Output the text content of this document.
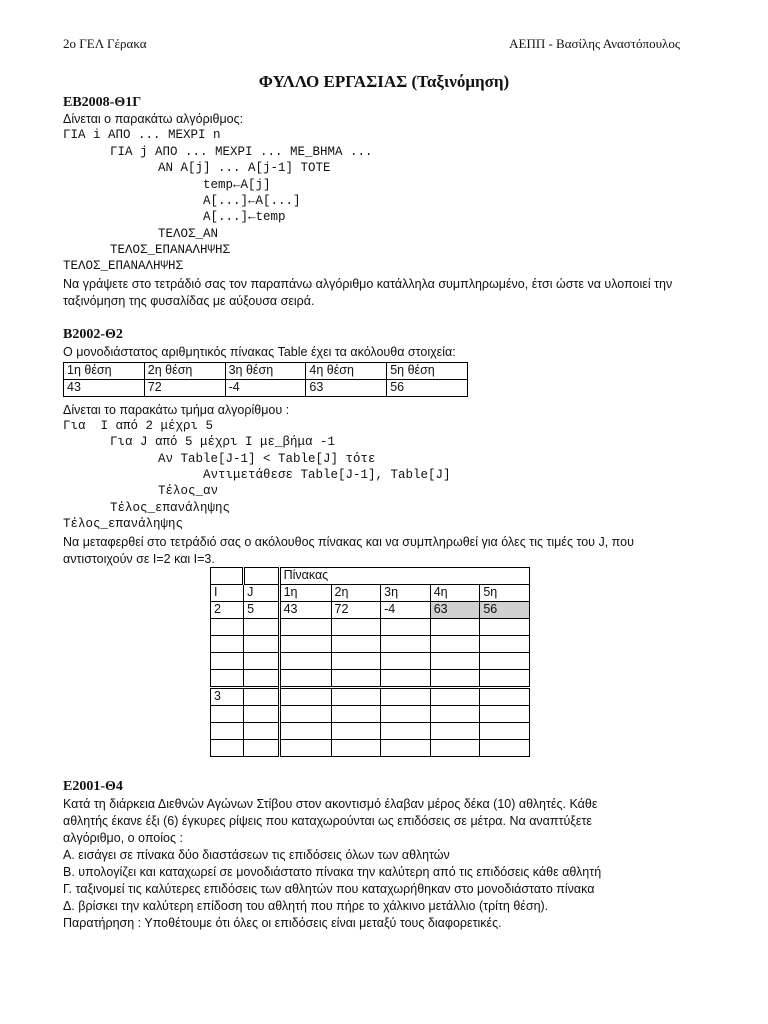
2ο ΓΕΛ Γέρακα	ΑΕΠΠ - Βασίλης Αναστόπουλος
ΦΥΛΛΟ ΕΡΓΑΣΙΑΣ (Ταξινόμηση)
ΕΒ2008-Θ1Γ
Δίνεται ο παρακάτω αλγόριθμος:
ΓΙΑ i ΑΠΟ ... ΜΕΧΡΙ n
ΓΙΑ j ΑΠΟ ... ΜΕΧΡΙ ... ΜΕ_ΒΗΜΑ ...
ΑΝ A[j] ... A[j-1] ΤΟΤΕ
temp←A[j]
A[...]←A[...]
A[...]←temp
ΤΕΛΟΣ_ΑΝ
ΤΕΛΟΣ_ΕΠΑΝΑΛΗΨΗΣ
ΤΕΛΟΣ_ΕΠΑΝΑΛΗΨΗΣ
Να γράψετε στο τετράδιό σας τον παραπάνω αλγόριθμο κατάλληλα συμπληρωμένο, έτσι ώστε να υλοποιεί την ταξινόμηση της φυσαλίδας με αύξουσα σειρά.
Β2002-Θ2
Ο μονοδιάστατος αριθμητικός πίνακας Table έχει τα ακόλουθα στοιχεία:
1η θέση	2η θέση	3η θέση	4η θέση	5η θέση
43	72	-4	63	56
Δίνεται το παρακάτω τμήμα αλγορίθμου :
Για  I από 2 μέχρι 5
Για J από 5 μέχρι I με_βήμα -1
Αν Table[J-1] < Table[J] τότε
Αντιμετάθεσε Table[J-1], Table[J]
Τέλος_αν
Τέλος_επανάληψης
Τέλος_επανάληψης
Να μεταφερθεί στο τετράδιό σας ο ακόλουθος πίνακας και να συμπληρωθεί για όλες τις τιμές του J, που αντιστοιχούν σε I=2 και I=3.
		Πίνακας				
I	J	1η	2η	3η	4η	5η
2	5	43	72	-4	63	56

3						

Ε2001-Θ4
Κατά τη διάρκεια Διεθνών Αγώνων Στίβου στον ακοντισμό έλαβαν μέρος δέκα (10) αθλητές. Κάθε
αθλητής έκανε έξι (6) έγκυρες ρίψεις που καταχωρούνται ως επιδόσεις σε μέτρα. Να αναπτύξετε
αλγόριθμο, ο οποίος :
Α. εισάγει σε πίνακα δύο διαστάσεων τις επιδόσεις όλων των αθλητών
Β. υπολογίζει και καταχωρεί σε μονοδιάστατο πίνακα την καλύτερη από τις επιδόσεις κάθε αθλητή
Γ. ταξινομεί τις καλύτερες επιδόσεις των αθλητών που καταχωρήθηκαν στο μονοδιάστατο πίνακα
Δ. βρίσκει την καλύτερη επίδοση του αθλητή που πήρε το χάλκινο μετάλλιο (τρίτη θέση).
Παρατήρηση : Υποθέτουμε ότι όλες οι επιδόσεις είναι μεταξύ τους διαφορετικές.
